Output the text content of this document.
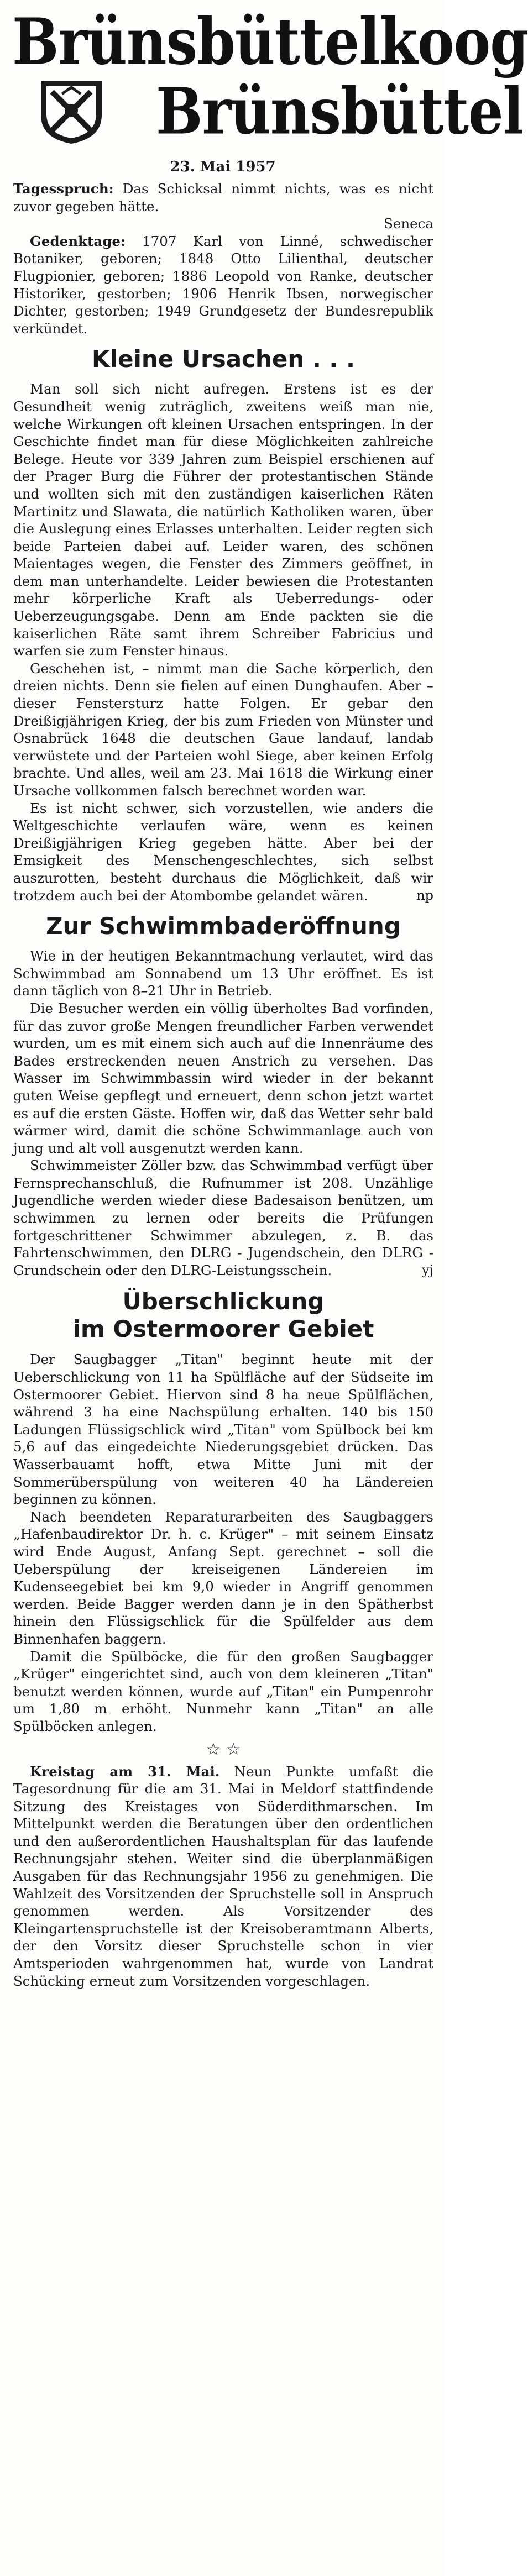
Brünsbüttelkoog
Brünsbüttel
23. Mai 1957

Tagesspruch: Das Schicksal nimmt nichts, was es nicht zuvor gegeben hätte.
Seneca

Gedenktage: 1707 Karl von Linné, schwedischer Botaniker, geboren; 1848 Otto Lilienthal, deutscher Flugpionier, geboren; 1886 Leopold von Ranke, deutscher Historiker, gestorben; 1906 Henrik Ibsen, norwegischer Dichter, gestorben; 1949 Grundgesetz der Bundesrepublik verkündet.

Kleine Ursachen . . .

Man soll sich nicht aufregen. Erstens ist es der Gesundheit wenig zuträglich, zweitens weiß man nie, welche Wirkungen oft kleinen Ursachen entspringen. In der Geschichte findet man für diese Möglichkeiten zahlreiche Belege. Heute vor 339 Jahren zum Beispiel erschienen auf der Prager Burg die Führer der protestantischen Stände und wollten sich mit den zuständigen kaiserlichen Räten Martinitz und Slawata, die natürlich Katholiken waren, über die Auslegung eines Erlasses unterhalten. Leider regten sich beide Parteien dabei auf. Leider waren, des schönen Maientages wegen, die Fenster des Zimmers geöffnet, in dem man unterhandelte. Leider bewiesen die Protestanten mehr körperliche Kraft als Ueberredungs- oder Ueberzeugungsgabe. Denn am Ende packten sie die kaiserlichen Räte samt ihrem Schreiber Fabricius und warfen sie zum Fenster hinaus.

Geschehen ist, – nimmt man die Sache körperlich, den dreien nichts. Denn sie fielen auf einen Dunghaufen. Aber – dieser Fenstersturz hatte Folgen. Er gebar den Dreißigjährigen Krieg, der bis zum Frieden von Münster und Osnabrück 1648 die deutschen Gaue landauf, landab verwüstete und der Parteien wohl Siege, aber keinen Erfolg brachte. Und alles, weil am 23. Mai 1618 die Wirkung einer Ursache vollkommen falsch berechnet worden war.

Es ist nicht schwer, sich vorzustellen, wie anders die Weltgeschichte verlaufen wäre, wenn es keinen Dreißigjährigen Krieg gegeben hätte. Aber bei der Emsigkeit des Menschengeschlechtes, sich selbst auszurotten, besteht durchaus die Möglichkeit, daß wir trotzdem auch bei der Atombombe gelandet wären.	np

Zur Schwimmbaderöffnung

Wie in der heutigen Bekanntmachung verlautet, wird das Schwimmbad am Sonnabend um 13 Uhr eröffnet. Es ist dann täglich von 8–21 Uhr in Betrieb.

Die Besucher werden ein völlig überholtes Bad vorfinden, für das zuvor große Mengen freundlicher Farben verwendet wurden, um es mit einem sich auch auf die Innenräume des Bades erstreckenden neuen Anstrich zu versehen. Das Wasser im Schwimmbassin wird wieder in der bekannt guten Weise gepflegt und erneuert, denn schon jetzt wartet es auf die ersten Gäste. Hoffen wir, daß das Wetter sehr bald wärmer wird, damit die schöne Schwimmanlage auch von jung und alt voll ausgenutzt werden kann.

Schwimmeister Zöller bzw. das Schwimmbad verfügt über Fernsprechanschluß, die Rufnummer ist 208. Unzählige Jugendliche werden wieder diese Badesaison benützen, um schwimmen zu lernen oder bereits die Prüfungen fortgeschrittener Schwimmer abzulegen, z. B. das Fahrtenschwimmen, den DLRG - Jugendschein, den DLRG - Grundschein oder den DLRG-Leistungsschein.	yj

Überschlickung
im Ostermoorer Gebiet

Der Saugbagger „Titan" beginnt heute mit der Ueberschlickung von 11 ha Spülfläche auf der Südseite im Ostermoorer Gebiet. Hiervon sind 8 ha neue Spülflächen, während 3 ha eine Nachspülung erhalten. 140 bis 150 Ladungen Flüssigschlick wird „Titan" vom Spülbock bei km 5,6 auf das eingedeichte Niederungsgebiet drücken. Das Wasserbauamt hofft, etwa Mitte Juni mit der Sommerüberspülung von weiteren 40 ha Ländereien beginnen zu können.

Nach beendeten Reparaturarbeiten des Saugbaggers „Hafenbaudirektor Dr. h. c. Krüger" – mit seinem Einsatz wird Ende August, Anfang Sept. gerechnet – soll die Ueberspülung der kreiseigenen Ländereien im Kudenseegebiet bei km 9,0 wieder in Angriff genommen werden. Beide Bagger werden dann je in den Spätherbst hinein den Flüssigschlick für die Spülfelder aus dem Binnenhafen baggern.

Damit die Spülböcke, die für den großen Saugbagger „Krüger" eingerichtet sind, auch von dem kleineren „Titan" benutzt werden können, wurde auf „Titan" ein Pumpenrohr um 1,80 m erhöht. Nunmehr kann „Titan" an alle Spülböcken anlegen.

☆ ☆

Kreistag am 31. Mai. Neun Punkte umfaßt die Tagesordnung für die am 31. Mai in Meldorf stattfindende Sitzung des Kreistages von Süderdithmarschen. Im Mittelpunkt werden die Beratungen über den ordentlichen und den außerordentlichen Haushaltsplan für das laufende Rechnungsjahr stehen. Weiter sind die überplanmäßigen Ausgaben für das Rechnungsjahr 1956 zu genehmigen. Die Wahlzeit des Vorsitzenden der Spruchstelle soll in Anspruch genommen werden. Als Vorsitzender des Kleingartenspruchstelle ist der Kreisoberamtmann Alberts, der den Vorsitz dieser Spruchstelle schon in vier Amtsperioden wahrgenommen hat, wurde von Landrat Schücking erneut zum Vorsitzenden vorgeschlagen.
